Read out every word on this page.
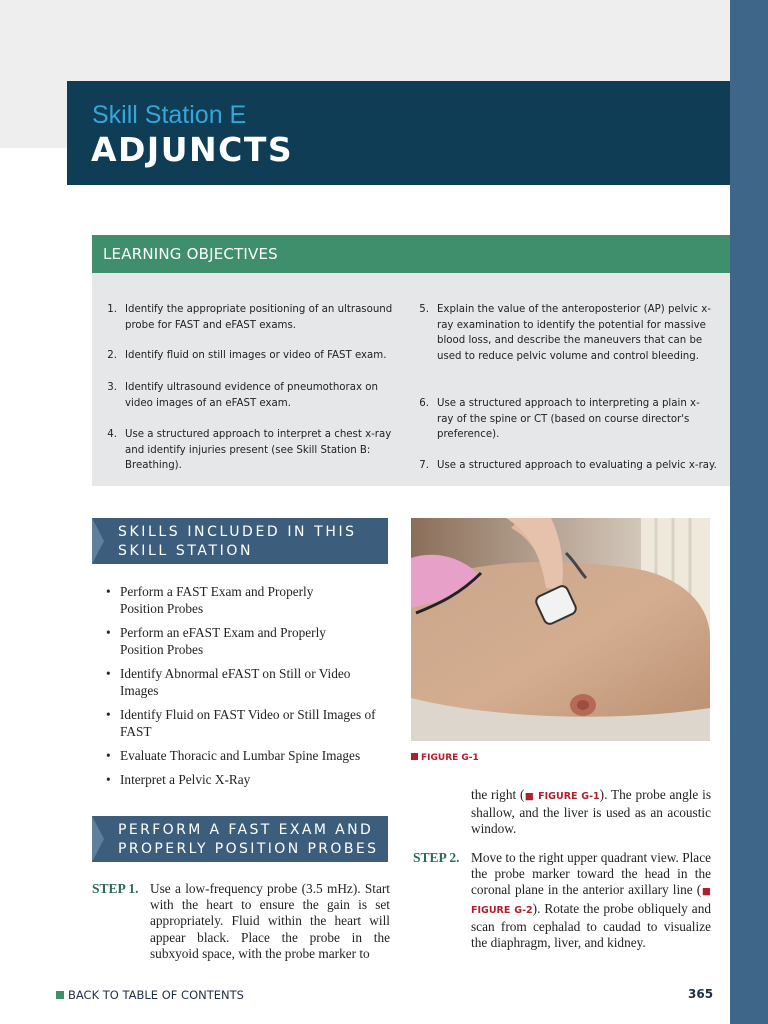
Skill Station E
ADJUNCTS
LEARNING OBJECTIVES
1. Identify the appropriate positioning of an ultrasound probe for FAST and eFAST exams.
2. Identify fluid on still images or video of FAST exam.
3. Identify ultrasound evidence of pneumothorax on video images of an eFAST exam.
4. Use a structured approach to interpret a chest x-ray and identify injuries present (see Skill Station B: Breathing).
5. Explain the value of the anteroposterior (AP) pelvic x-ray examination to identify the potential for massive blood loss, and describe the maneuvers that can be used to reduce pelvic volume and control bleeding.
6. Use a structured approach to interpreting a plain x-ray of the spine or CT (based on course director's preference).
7. Use a structured approach to evaluating a pelvic x-ray.
SKILLS INCLUDED IN THIS SKILL STATION
• Perform a FAST Exam and Properly Position Probes
• Perform an eFAST Exam and Properly Position Probes
• Identify Abnormal eFAST on Still or Video Images
• Identify Fluid on FAST Video or Still Images of FAST
• Evaluate Thoracic and Lumbar Spine Images
• Interpret a Pelvic X-Ray
PERFORM A FAST EXAM AND PROPERLY POSITION PROBES
STEP 1. Use a low-frequency probe (3.5 mHz). Start with the heart to ensure the gain is set appropriately. Fluid within the heart will appear black. Place the probe in the subxyoid space, with the probe marker to
the right (■ FIGURE G-1). The probe angle is shallow, and the liver is used as an acoustic window.
STEP 2. Move to the right upper quadrant view. Place the probe marker toward the head in the coronal plane in the anterior axillary line (■ FIGURE G-2). Rotate the probe obliquely and scan from cephalad to caudad to visualize the diaphragm, liver, and kidney.
FIGURE G-1
BACK TO TABLE OF CONTENTS	365
